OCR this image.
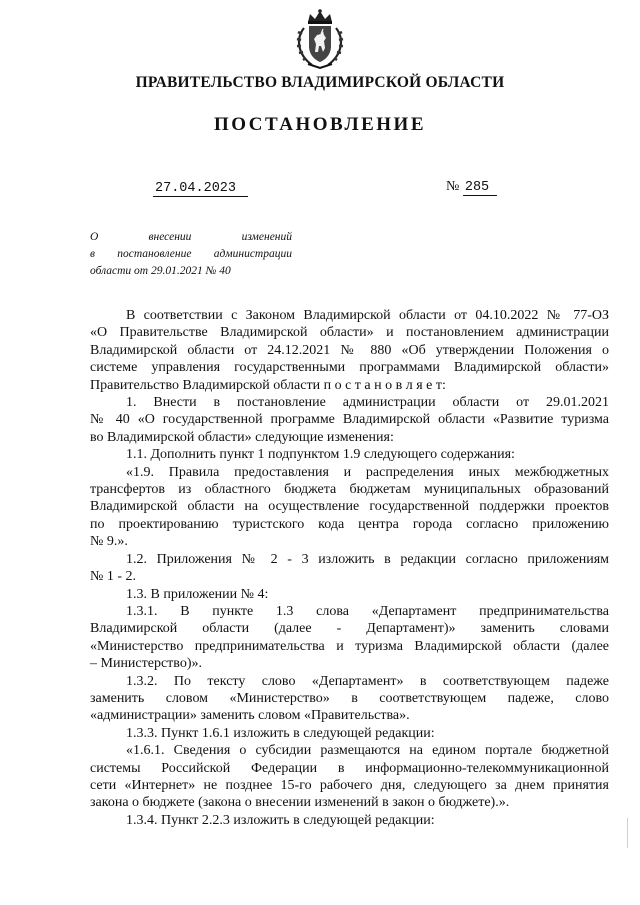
ПРАВИТЕЛЬСТВО ВЛАДИМИРСКОЙ ОБЛАСТИ
ПОСТАНОВЛЕНИЕ
27.04.2023	№ 285
О внесении изменений
в постановление администрации
области от 29.01.2021 № 40
В соответствии с Законом Владимирской области от 04.10.2022 № 77-ОЗ
«О Правительстве Владимирской области» и постановлением администрации
Владимирской области от 24.12.2021 № 880 «Об утверждении Положения о
системе управления государственными программами Владимирской области»
Правительство Владимирской области п о с т а н о в л я е т:
1. Внести в постановление администрации области от 29.01.2021
№ 40 «О государственной программе Владимирской области «Развитие туризма
во Владимирской области» следующие изменения:
1.1. Дополнить пункт 1 подпунктом 1.9 следующего содержания:
«1.9. Правила предоставления и распределения иных межбюджетных
трансфертов из областного бюджета бюджетам муниципальных образований
Владимирской области на осуществление государственной поддержки проектов
по проектированию туристского кода центра города согласно приложению
№ 9.».
1.2. Приложения № 2 - 3 изложить в редакции согласно приложениям
№ 1 - 2.
1.3. В приложении № 4:
1.3.1. В пункте 1.3 слова «Департамент предпринимательства
Владимирской области (далее - Департамент)» заменить словами
«Министерство предпринимательства и туризма Владимирской области (далее
– Министерство)».
1.3.2. По тексту слово «Департамент» в соответствующем падеже
заменить словом «Министерство» в соответствующем падеже, слово
«администрации» заменить словом «Правительства».
1.3.3. Пункт 1.6.1 изложить в следующей редакции:
«1.6.1. Сведения о субсидии размещаются на едином портале бюджетной
системы Российской Федерации в информационно-телекоммуникационной
сети «Интернет» не позднее 15-го рабочего дня, следующего за днем принятия
закона о бюджете (закона о внесении изменений в закон о бюджете).».
1.3.4. Пункт 2.2.3 изложить в следующей редакции:
